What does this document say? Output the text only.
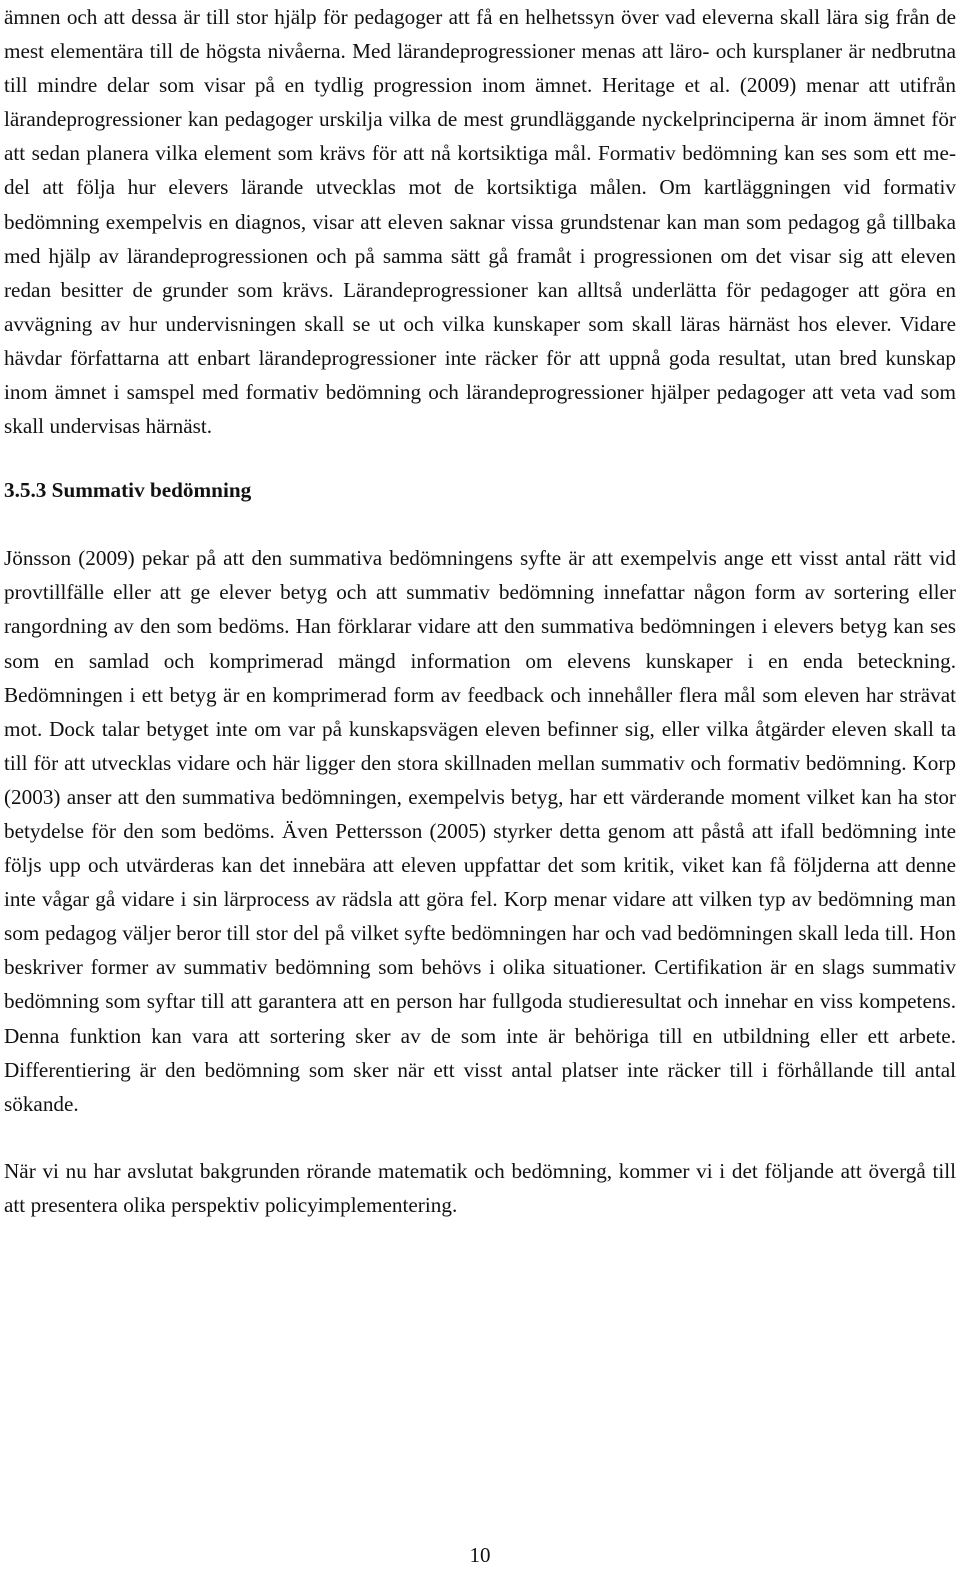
ämnen och att dessa är till stor hjälp för pedagoger att få en helhetssyn över vad eleverna skall lära sig från de mest elementära till de högsta nivåerna. Med lärandeprogressioner menas att läro- och kursplaner är nedbrutna till mindre delar som visar på en tydlig progression inom ämnet. Heritage et al. (2009) menar att utifrån lärandeprogressioner kan pedagoger urskilja vilka de mest grundläggande nyckelprinciperna är inom ämnet för att sedan planera vilka element som krävs för att nå kortsiktiga mål. Formativ bedömning kan ses som ett medel att följa hur elevers lärande utvecklas mot de kortsiktiga målen. Om kartläggningen vid formativ bedömning exempelvis en diagnos, visar att eleven saknar vissa grundstenar kan man som pedagog gå tillbaka med hjälp av lärandeprogressionen och på samma sätt gå framåt i progressionen om det visar sig att eleven redan besitter de grunder som krävs. Lärandeprogressioner kan alltså underlätta för pedagoger att göra en avvägning av hur undervisningen skall se ut och vilka kunskaper som skall läras härnäst hos elever. Vidare hävdar författarna att enbart lärandeprogressioner inte räcker för att uppnå goda resultat, utan bred kunskap inom ämnet i samspel med formativ bedömning och lärandeprogressioner hjälper pedagoger att veta vad som skall undervisas härnäst.

3.5.3 Summativ bedömning

Jönsson (2009) pekar på att den summativa bedömningens syfte är att exempelvis ange ett visst antal rätt vid provtillfälle eller att ge elever betyg och att summativ bedömning innefattar någon form av sortering eller rangordning av den som bedöms. Han förklarar vidare att den summativa bedömningen i elevers betyg kan ses som en samlad och komprimerad mängd information om elevens kunskaper i en enda beteckning. Bedömningen i ett betyg är en komprimerad form av feedback och innehåller flera mål som eleven har strävat mot. Dock talar betyget inte om var på kunskapsvägen eleven befinner sig, eller vilka åtgärder eleven skall ta till för att utvecklas vidare och här ligger den stora skillnaden mellan summativ och formativ bedömning. Korp (2003) anser att den summativa bedömningen, exempelvis betyg, har ett värderande moment vilket kan ha stor betydelse för den som bedöms. Även Pettersson (2005) styrker detta genom att påstå att ifall bedömning inte följs upp och utvärderas kan det innebära att eleven uppfattar det som kritik, viket kan få följderna att denne inte vågar gå vidare i sin lärprocess av rädsla att göra fel. Korp menar vidare att vilken typ av bedömning man som pedagog väljer beror till stor del på vilket syfte bedömningen har och vad bedömningen skall leda till. Hon beskriver former av summativ bedömning som behövs i olika situationer. Certifikation är en slags summativ bedömning som syftar till att garantera att en person har fullgoda studieresultat och innehar en viss kompetens. Denna funktion kan vara att sortering sker av de som inte är behöriga till en utbildning eller ett arbete. Differentiering är den bedömning som sker när ett visst antal platser inte räcker till i förhållande till antal sökande.

När vi nu har avslutat bakgrunden rörande matematik och bedömning, kommer vi i det följande att övergå till att presentera olika perspektiv policyimplementering.

10
